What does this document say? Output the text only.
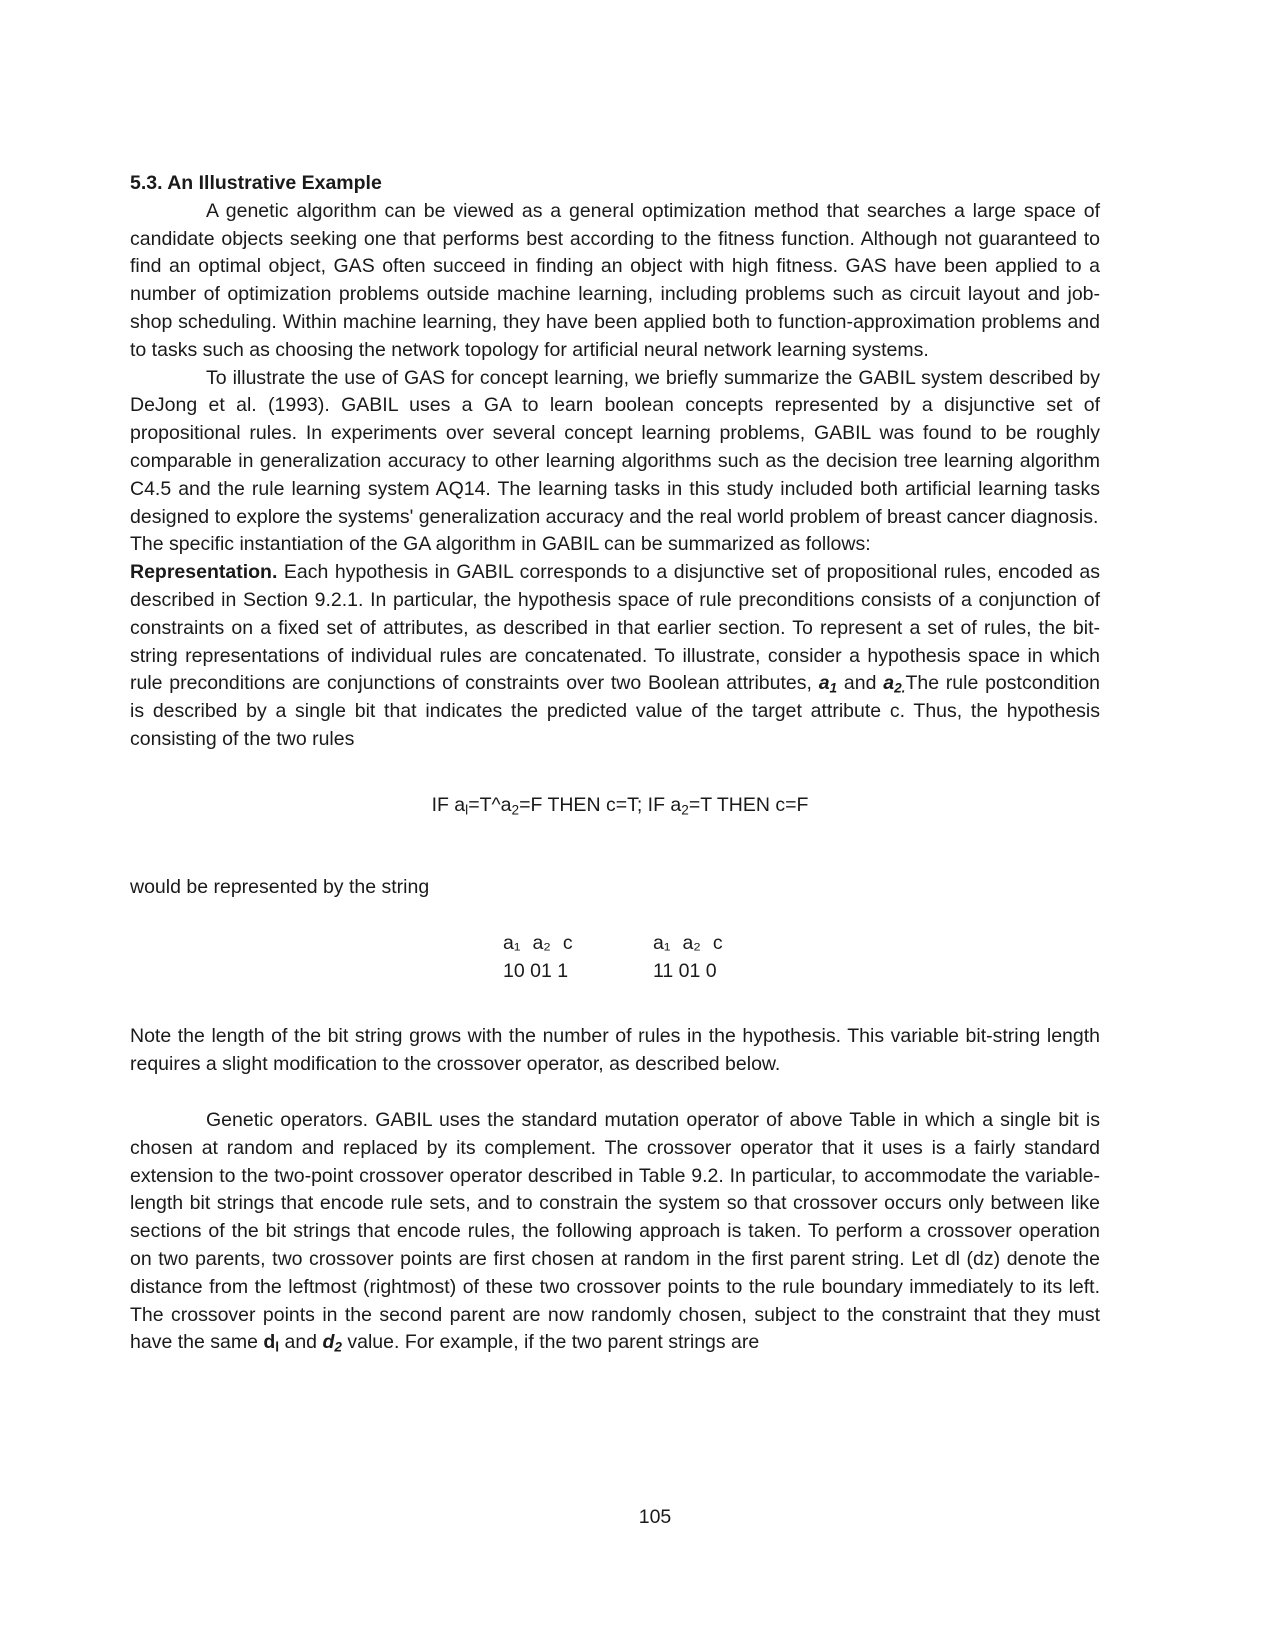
5.3. An Illustrative Example

A genetic algorithm can be viewed as a general optimization method that searches a large space of candidate objects seeking one that performs best according to the fitness function. Although not guaranteed to find an optimal object, GAS often succeed in finding an object with high fitness. GAS have been applied to a number of optimization problems outside machine learning, including problems such as circuit layout and job-shop scheduling. Within machine learning, they have been applied both to function-approximation problems and to tasks such as choosing the network topology for artificial neural network learning systems.

To illustrate the use of GAS for concept learning, we briefly summarize the GABIL system described by DeJong et al. (1993). GABIL uses a GA to learn boolean concepts represented by a disjunctive set of propositional rules. In experiments over several concept learning problems, GABIL was found to be roughly comparable in generalization accuracy to other learning algorithms such as the decision tree learning algorithm C4.5 and the rule learning system AQ14. The learning tasks in this study included both artificial learning tasks designed to explore the systems' generalization accuracy and the real world problem of breast cancer diagnosis.

The specific instantiation of the GA algorithm in GABIL can be summarized as follows:

Representation. Each hypothesis in GABIL corresponds to a disjunctive set of propositional rules, encoded as described in Section 9.2.1. In particular, the hypothesis space of rule preconditions consists of a conjunction of constraints on a fixed set of attributes, as described in that earlier section. To represent a set of rules, the bit-string representations of individual rules are concatenated. To illustrate, consider a hypothesis space in which rule preconditions are conjunctions of constraints over two Boolean attributes, $a_1$ and $a_{2.}The$ rule postcondition is described by a single bit that indicates the predicted value of the target attribute c. Thus, the hypothesis consisting of the two rules

IF $a_l=T\^{}a_2=F$ THEN c=T; IF $a_2=T$ THEN c=F

would be represented by the string

a₁ a₂ c
10 01 1
a₁ a₂ c
11 01 0

Note the length of the bit string grows with the number of rules in the hypothesis. This variable bit-string length requires a slight modification to the crossover operator, as described below.

Genetic operators. GABIL uses the standard mutation operator of above Table in which a single bit is chosen at random and replaced by its complement. The crossover operator that it uses is a fairly standard extension to the two-point crossover operator described in Table 9.2. In particular, to accommodate the variable-length bit strings that encode rule sets, and to constrain the system so that crossover occurs only between like sections of the bit strings that encode rules, the following approach is taken. To perform a crossover operation on two parents, two crossover points are first chosen at random in the first parent string. Let dl (dz) denote the distance from the leftmost (rightmost) of these two crossover points to the rule boundary immediately to its left. The crossover points in the second parent are now randomly chosen, subject to the constraint that they must have the same $d_l$ and $d_2$ value. For example, if the two parent strings are

105
